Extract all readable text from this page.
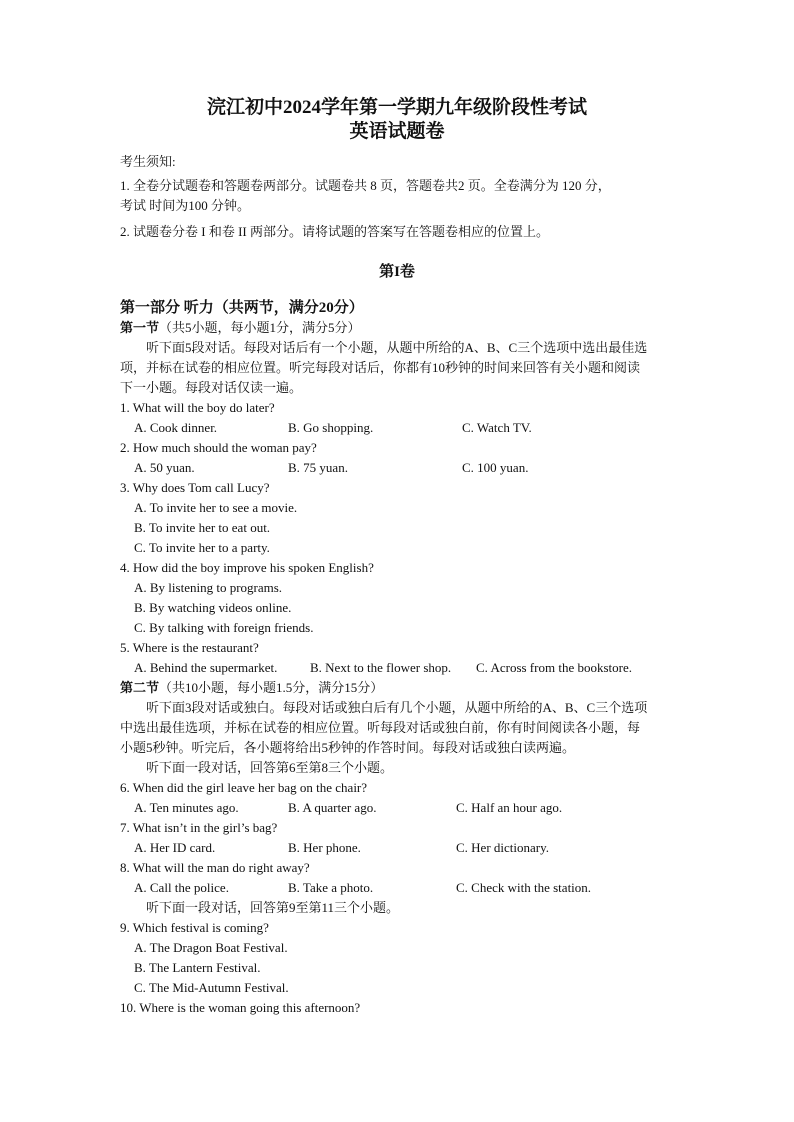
浣江初中2024学年第一学期九年级阶段性考试
英语试题卷
考生须知:
1. 全卷分试题卷和答题卷两部分。试题卷共 8 页，答题卷共2 页。全卷满分为 120 分，
考试 时间为100 分钟。
2. 试题卷分卷 I 和卷 II 两部分。请将试题的答案写在答题卷相应的位置上。
第I卷
第一部分 听力（共两节，满分20分）
第一节（共5小题，每小题1分，满分5分）
听下面5段对话。每段对话后有一个小题，从题中所给的A、B、C三个选项中选出最佳选
项，并标在试卷的相应位置。听完每段对话后，你都有10秒钟的时间来回答有关小题和阅读
下一小题。每段对话仅读一遍。
1. What will the boy do later?
A. Cook dinner.	B. Go shopping.	C. Watch TV.
2. How much should the woman pay?
A. 50 yuan.	B. 75 yuan.	C. 100 yuan.
3. Why does Tom call Lucy?
A. To invite her to see a movie.
B. To invite her to eat out.
C. To invite her to a party.
4. How did the boy improve his spoken English?
A. By listening to programs.
B. By watching videos online.
C. By talking with foreign friends.
5. Where is the restaurant?
A. Behind the supermarket.	B. Next to the flower shop. C. Across from the bookstore.
第二节（共10小题，每小题1.5分，满分15分）
听下面3段对话或独白。每段对话或独白后有几个小题，从题中所给的A、B、C三个选项
中选出最佳选项，并标在试卷的相应位置。听每段对话或独白前，你有时间阅读各小题，每
小题5秒钟。听完后，各小题将给出5秒钟的作答时间。每段对话或独白读两遍。
听下面一段对话，回答第6至第8三个小题。
6. When did the girl leave her bag on the chair?
A. Ten minutes ago.	B. A quarter ago.	C. Half an hour ago.
7. What isn’t in the girl’s bag?
A. Her ID card.	B. Her phone.	C. Her dictionary.
8. What will the man do right away?
A. Call the police.	B. Take a photo.	C. Check with the station.
听下面一段对话，回答第9至第11三个小题。
9. Which festival is coming?
A. The Dragon Boat Festival.
B. The Lantern Festival.
C. The Mid-Autumn Festival.
10. Where is the woman going this afternoon?
